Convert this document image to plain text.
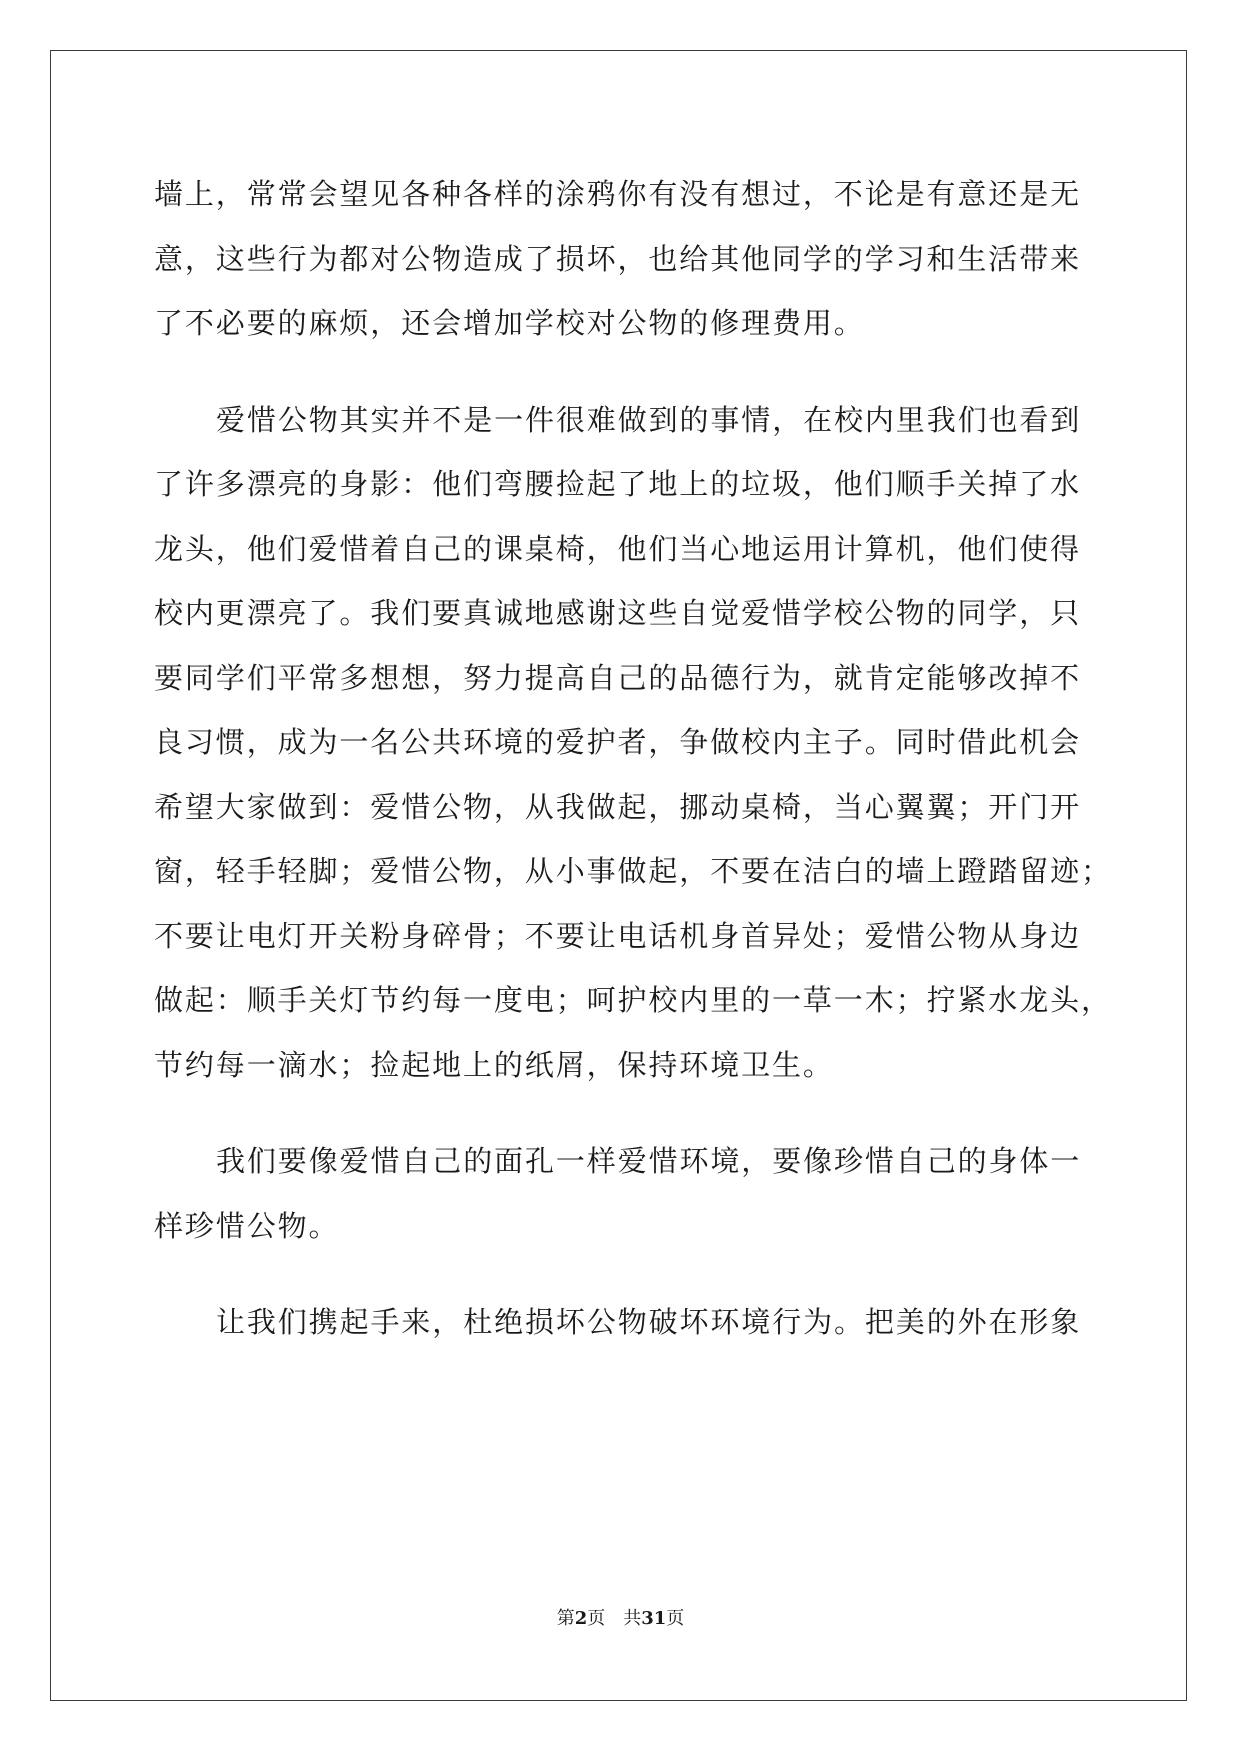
墙上，常常会望见各种各样的涂鸦你有没有想过，不论是有意还是无
意，这些行为都对公物造成了损坏，也给其他同学的学习和生活带来
了不必要的麻烦，还会增加学校对公物的修理费用。
爱惜公物其实并不是一件很难做到的事情，在校内里我们也看到
了许多漂亮的身影：他们弯腰捡起了地上的垃圾，他们顺手关掉了水
龙头，他们爱惜着自己的课桌椅，他们当心地运用计算机，他们使得
校内更漂亮了。我们要真诚地感谢这些自觉爱惜学校公物的同学，只
要同学们平常多想想，努力提高自己的品德行为，就肯定能够改掉不
良习惯，成为一名公共环境的爱护者，争做校内主子。同时借此机会
希望大家做到：爱惜公物，从我做起，挪动桌椅，当心翼翼；开门开
窗，轻手轻脚；爱惜公物，从小事做起，不要在洁白的墙上蹬踏留迹；
不要让电灯开关粉身碎骨；不要让电话机身首异处；爱惜公物从身边
做起：顺手关灯节约每一度电；呵护校内里的一草一木；拧紧水龙头，
节约每一滴水；捡起地上的纸屑，保持环境卫生。
我们要像爱惜自己的面孔一样爱惜环境，要像珍惜自己的身体一
样珍惜公物。
让我们携起手来，杜绝损坏公物破坏环境行为。把美的外在形象
第2页 共31页
